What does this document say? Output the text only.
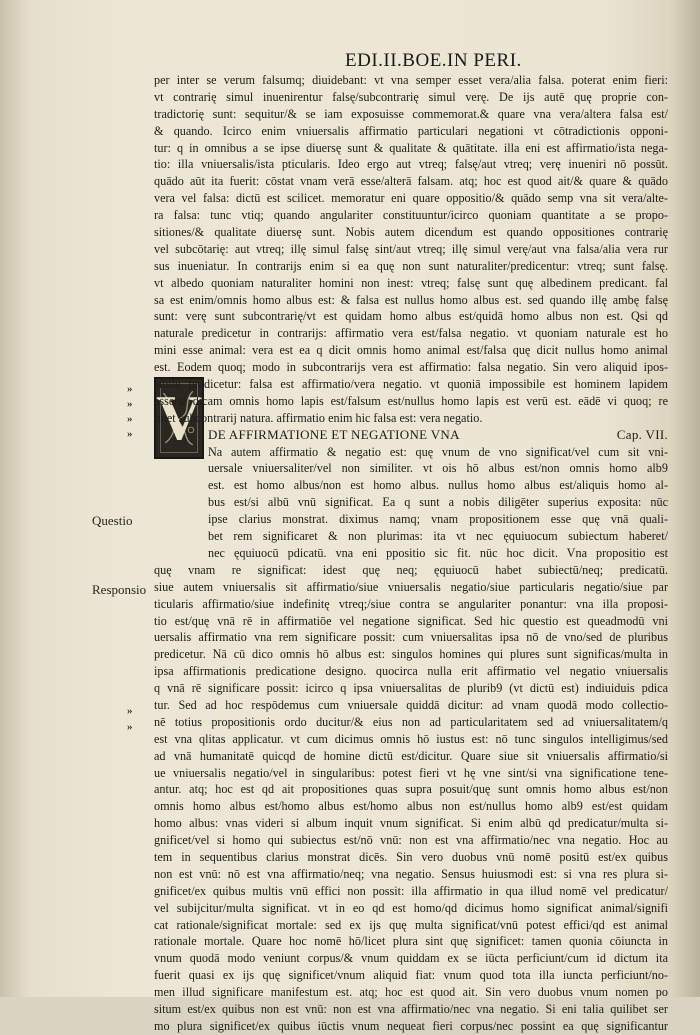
EDI.II.BOE.IN PERI.
V
»
»
»
»
»
»
Questio
Responsio
per inter se verum falsumq; diuidebant: vt vna semper esset vera/alia falsa. poterat enim fieri:
vt contrarię simul inuenirentur falsę/subcontrarię simul verę. De ijs autē quę proprie con-
tradictorię sunt: sequitur/& se iam exposuisse commemorat.& quare vna vera/altera falsa est/
& quando. Icirco enim vniuersalis affirmatio particulari negationi vt cōtradictionis opponi-
tur: q in omnibus a se ipse diuersę sunt & qualitate & quātitate. illa eni est affirmatio/ista nega-
tio: illa vniuersalis/ista pticularis. Ideo ergo aut vtreq; falsę/aut vtreq; verę inueniri nō possūt.
quādo aūt ita fuerit: cōstat vnam verā esse/alterā falsam. atq; hoc est quod ait/& quare & quādo
vera vel falsa: dictū est scilicet. memoratur eni quare oppositio/& quādo semp vna sit vera/alte-
ra falsa: tunc vtiq; quando angulariter constituuntur/icirco quoniam quantitate a se propo-
sitiones/& qualitate diuersę sunt. Nobis autem dicendum est quando oppositiones contrarię
vel subcōtarię: aut vtreq; illę simul falsę sint/aut vtreq; illę simul verę/aut vna falsa/alia vera rur
sus inueniatur. In contrarijs enim si ea quę non sunt naturaliter/predicentur: vtreq; sunt falsę.
vt albedo quoniam naturaliter homini non inest: vtreq; falsę sunt quę albedinem predicant. fal
sa est enim/omnis homo albus est: & falsa est nullus homo albus est. sed quando illę ambę falsę
sunt: verę sunt subcontrarię/vt est quidam homo albus est/quidā homo albus non est. Qsi qd
naturale predicetur in contrarijs: affirmatio vera est/falsa negatio. vt quoniam naturale est ho
mini esse animal: vera est ea q dicit omnis homo animal est/falsa quę dicit nullus homo animal
est. Eodem quoq; modo in subcontrarijs vera est affirmatio: falsa negatio. Sin vero aliquid ipos-
sibile predicetur: falsa est affirmatio/vera negatio. vt quoniā impossibile est hominem lapidem
esse/si dicam omnis homo lapis est/falsum est/nullus homo lapis est verū est. eādē vi quoq; re
tinet subcontrarij natura. affirmatio enim hic falsa est: vera negatio.
DE AFFIRMATIONE ET NEGATIONE VNA	Cap. VII.
Na autem affirmatio & negatio est: quę vnum de vno significat/vel cum sit vni-
uersale vniuersaliter/vel non similiter. vt ois hō albus est/non omnis homo alb9
est. est homo albus/non est homo albus. nullus homo albus est/aliquis homo al-
bus est/si albū vnū significat. Ea q sunt a nobis diligēter superius exposita: nūc
ipse clarius monstrat. diximus namq; vnam propositionem esse quę vnā quali-
bet rem significaret & non plurimas: ita vt nec ęquiuocum subiectum haberet/
nec ęquiuocū pdicatū. vna eni ppositio sic fit. nūc hoc dicit. Vna propositio est
quę vnam re significat: idest quę neq; ęquiuocū habet subiectū/neq; predicatū.
siue autem vniuersalis sit affirmatio/siue vniuersalis negatio/siue particularis negatio/siue par
ticularis affirmatio/siue indefinitę vtreq;/siue contra se angulariter ponantur: vna illa proposi-
tio est/quę vnā rē in affirmatiōe vel negatione significat. Sed hic questio est queadmodū vni
uersalis affirmatio vna rem significare possit: cum vniuersalitas ipsa nō de vno/sed de pluribus
predicetur. Nā cū dico omnis hō albus est: singulos homines qui plures sunt significas/multa in
ipsa affirmationis predicatione designo. quocirca nulla erit affirmatio vel negatio vniuersalis
q vnā rē significare possit: icirco q ipsa vniuersalitas de plurib9 (vt dictū est) indiuiduis pdica
tur. Sed ad hoc respōdemus cum vniuersale quiddā dicitur: ad vnam quodā modo collectio-
nē totius propositionis ordo ducitur/& eius non ad particularitatem sed ad vniuersalitatem/q
est vna qlitas applicatur. vt cum dicimus omnis hō iustus est: nō tunc singulos intelligimus/sed
ad vnā humanitatē quicqd de homine dictū est/dicitur. Quare siue sit vniuersalis affirmatio/si
ue vniuersalis negatio/vel in singularibus: potest fieri vt hę vne sint/si vna significatione tene-
antur. atq; hoc est qd ait propositiones quas supra posuit/quę sunt omnis homo albus est/non
omnis homo albus est/homo albus est/homo albus non est/nullus homo alb9 est/est quidam
homo albus: vnas videri si album inquit vnum significat. Si enim albū qd predicatur/multa si-
gnificet/vel si homo qui subiectus est/nō vnū: non est vna affirmatio/nec vna negatio. Hoc au
tem in sequentibus clarius monstrat dicēs. Sin vero duobus vnū nomē positū est/ex quibus
non est vnū: nō est vna affirmatio/neq; vna negatio. Sensus huiusmodi est: si vna res plura si-
gnificet/ex quibus multis vnū effici non possit: illa affirmatio in qua illud nomē vel predicatur/
vel subijcitur/multa significat. vt in eo qd est homo/qd dicimus homo significat animal/signifi
cat rationale/significat mortale: sed ex ijs quę multa significat/vnū potest effici/qd est animal
rationale mortale. Quare hoc nomē hō/licet plura sint quę significet: tamen quonia cōiuncta in
vnum quodā modo veniunt corpus/& vnum quiddam ex se iūcta perficiunt/cum id dictum ita
fuerit quasi ex ijs quę significet/vnum aliquid fiat: vnum quod tota illa iuncta perficiunt/no-
men illud significare manifestum est. atq; hoc est quod ait. Sin vero duobus vnum nomen po
situm est/ex quibus non est vnū: non est vna affirmatio/nec vna negatio. Si eni talia quilibet ser
mo plura significet/ex quibus iūctis vnum nequeat fieri corpus/nec possint ea quę significantur
